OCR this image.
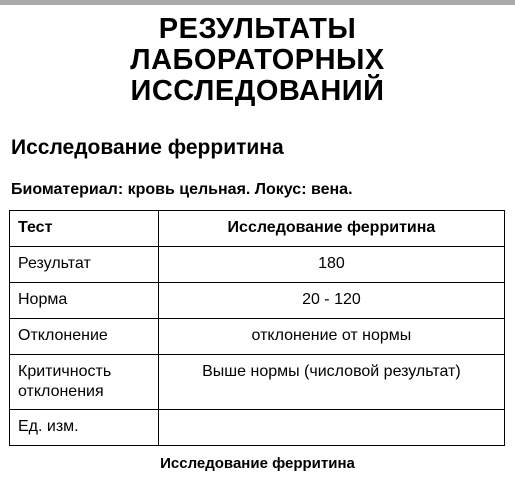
РЕЗУЛЬТАТЫ
ЛАБОРАТОРНЫХ
ИССЛЕДОВАНИЙ
Исследование ферритина
Биоматериал: кровь цельная. Локус: вена.
Тест	Исследование ферритина
Результат	180
Норма	20 - 120
Отклонение	отклонение от нормы
Критичность отклонения	Выше нормы (числовой результат)
Ед. изм.	
Исследование ферритина
